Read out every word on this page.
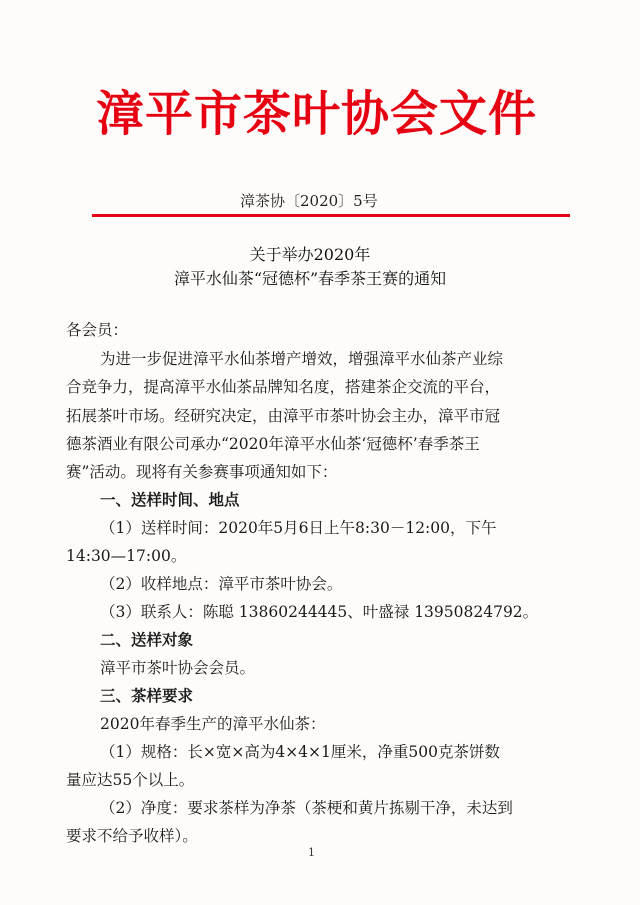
漳平市茶叶协会文件
漳茶协〔2020〕5号
关于举办2020年
漳平水仙茶“冠德杯”春季茶王赛的通知
各会员：
为进一步促进漳平水仙茶增产增效，增强漳平水仙茶产业综
合竞争力，提高漳平水仙茶品牌知名度，搭建茶企交流的平台，
拓展茶叶市场。经研究决定，由漳平市茶叶协会主办，漳平市冠
德茶酒业有限公司承办“2020年漳平水仙茶‘冠德杯’春季茶王
赛”活动。现将有关参赛事项通知如下：
一、送样时间、地点
（1）送样时间：2020年5月6日上午8:30－12:00，下午
14:30—17:00。
（2）收样地点：漳平市茶叶协会。
（3）联系人：陈聪 13860244445、叶盛禄 13950824792。
二、送样对象
漳平市茶叶协会会员。
三、茶样要求
2020年春季生产的漳平水仙茶：
（1）规格：长×宽×高为4×4×1厘米，净重500克茶饼数
量应达55个以上。
（2）净度：要求茶样为净茶（茶梗和黄片拣剔干净，未达到
要求不给予收样）。
1
